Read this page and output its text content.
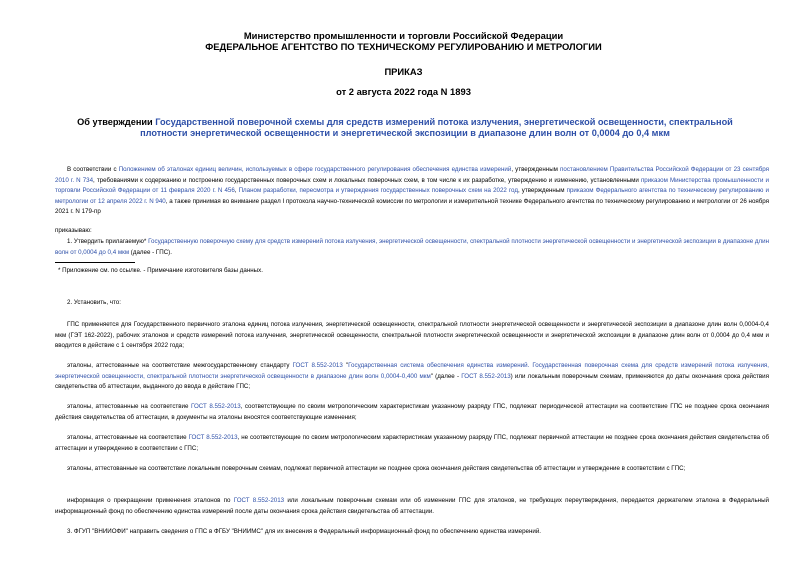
Министерство промышленности и торговли Российской Федерации
ФЕДЕРАЛЬНОЕ АГЕНТСТВО ПО ТЕХНИЧЕСКОМУ РЕГУЛИРОВАНИЮ И МЕТРОЛОГИИ
ПРИКАЗ
от 2 августа 2022 года N 1893
Об утверждении Государственной поверочной схемы для средств измерений потока излучения, энергетической освещенности, спектральной плотности энергетической освещенности и энергетической экспозиции в диапазоне длин волн от 0,0004 до 0,4 мкм
В соответствии с Положением об эталонах единиц величин, используемых в сфере государственного регулирования обеспечения единства измерений, утвержденным постановлением Правительства Российской Федерации от 23 сентября 2010 г. N 734, требованиями к содержанию и построению государственных поверочных схем и локальных поверочных схем, в том числе к их разработке, утверждению и изменению, установленными приказом Министерства промышленности и торговли Российской Федерации от 11 февраля 2020 г. N 456, Планом разработки, пересмотра и утверждения государственных поверочных схем на 2022 год, утвержденным приказом Федерального агентства по техническому регулированию и метрологии от 12 апреля 2022 г. N 940, а также принимая во внимание раздел I протокола научно-технической комиссии по метрологии и измерительной технике Федерального агентства по техническому регулированию и метрологии от 26 ноября 2021 г. N 179-пр
приказываю:
1. Утвердить прилагаемую* Государственную поверочную схему для средств измерений потока излучения, энергетической освещенности, спектральной плотности энергетической освещенности и энергетической экспозиции в диапазоне длин волн от 0,0004 до 0,4 мкм (далее - ГПС).
* Приложение см. по ссылке. - Примечание изготовителя базы данных.
2. Установить, что:
ГПС применяется для Государственного первичного эталона единиц потока излучения, энергетической освещенности, спектральной плотности энергетической освещенности и энергетической экспозиции в диапазоне длин волн 0,0004-0,4 мкм (ГЭТ 162-2022), рабочих эталонов и средств измерений потока излучения, энергетической освещенности, спектральной плотности энергетической освещенности и энергетической экспозиции в диапазоне длин волн от 0,0004 до 0,4 мкм и вводится в действие с 1 сентября 2022 года;
эталоны, аттестованные на соответствие межгосударственному стандарту ГОСТ 8.552-2013 "Государственная система обеспечения единства измерений. Государственная поверочная схема для средств измерений потока излучения, энергетической освещенности, спектральной плотности энергетической освещенности в диапазоне длин волн 0,0004-0,400 мкм" (далее - ГОСТ 8.552-2013) или локальным поверочным схемам, применяются до даты окончания срока действия свидетельства об аттестации, выданного до ввода в действие ГПС;
эталоны, аттестованные на соответствие ГОСТ 8.552-2013, соответствующие по своим метрологическим характеристикам указанному разряду ГПС, подлежат периодической аттестации на соответствие ГПС не позднее срока окончания действия свидетельства об аттестации, в документы на эталоны вносятся соответствующие изменения;
эталоны, аттестованные на соответствие ГОСТ 8.552-2013, не соответствующие по своим метрологическим характеристикам указанному разряду ГПС, подлежат первичной аттестации не позднее срока окончания действия свидетельства об аттестации и утверждению в соответствии с ГПС;
эталоны, аттестованные на соответствие локальным поверочным схемам, подлежат первичной аттестации не позднее срока окончания действия свидетельства об аттестации и утверждение в соответствии с ГПС;
информация о прекращении применения эталонов по ГОСТ 8.552-2013 или локальным поверочным схемам или об изменении ГПС для эталонов, не требующих переутверждения, передается держателем эталона в Федеральный информационный фонд по обеспечению единства измерений после даты окончания срока действия свидетельства об аттестации.
3. ФГУП "ВНИИОФИ" направить сведения о ГПС в ФГБУ "ВНИИМС" для их внесения в Федеральный информационный фонд по обеспечению единства измерений.
